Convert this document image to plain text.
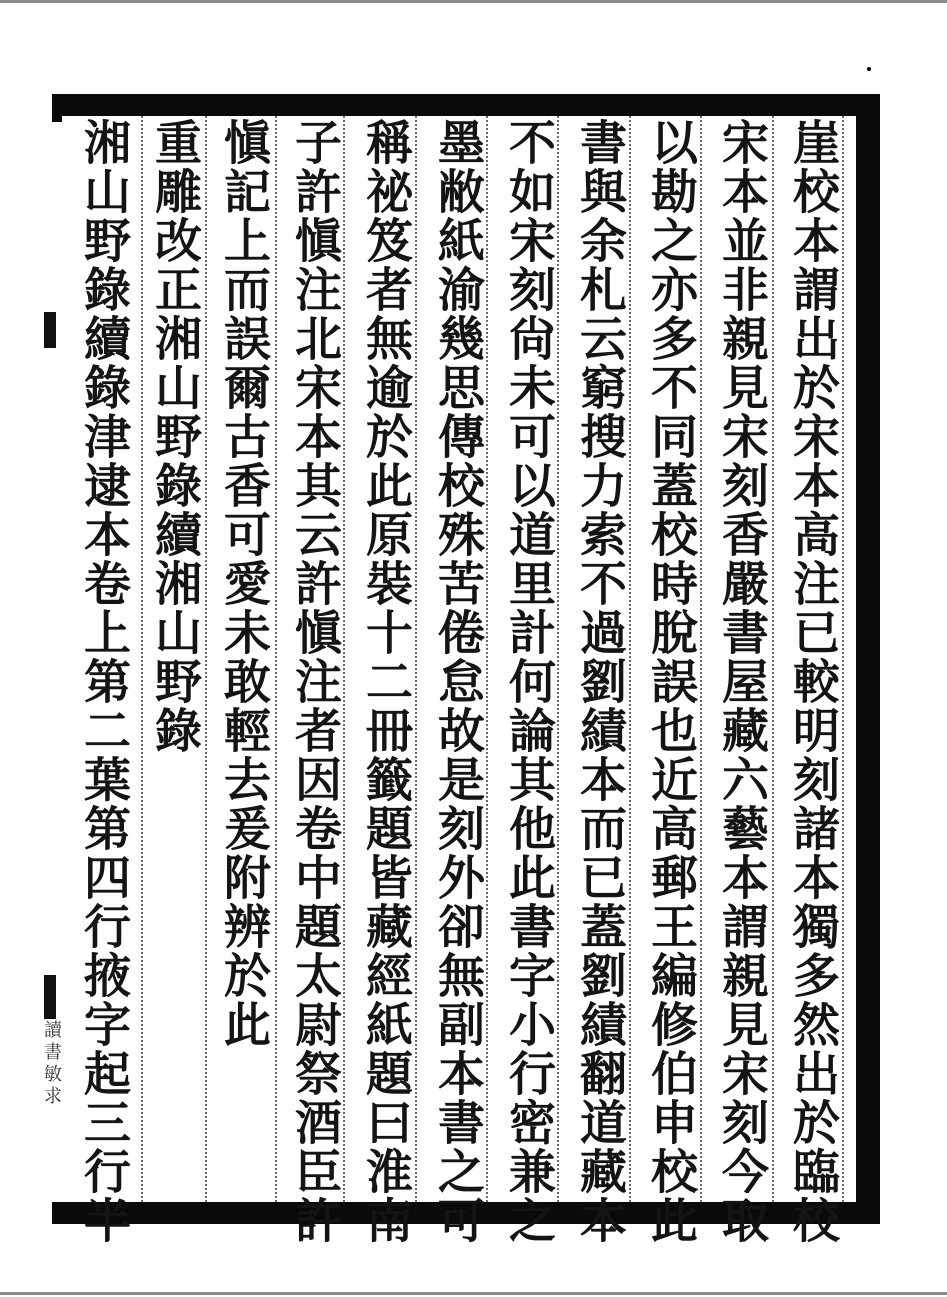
讀書敏求	崖校本謂出於宋本高注已較明刻諸本獨多然出於臨校
宋本並非親見宋刻香嚴書屋藏六藝本謂親見宋刻今取
以勘之亦多不同蓋校時脫誤也近高郵王編修伯申校此
書與余札云窮搜力索不過劉績本而已蓋劉績翻道藏本
不如宋刻尙未可以道里計何論其他此書字小行密兼之
墨敝紙渝幾思傳校殊苦倦怠故是刻外卻無副本書之可
稱祕笈者無逾於此原裝十二冊籤題皆藏經紙題曰淮南
子許愼注北宋本其云許愼注者因卷中題太尉祭酒臣許
愼記上而誤爾古香可愛未敢輕去爰附辨於此
重雕改正湘山野錄續湘山野錄
湘山野錄續錄津逮本卷上第二葉第四行掖字起三行半
